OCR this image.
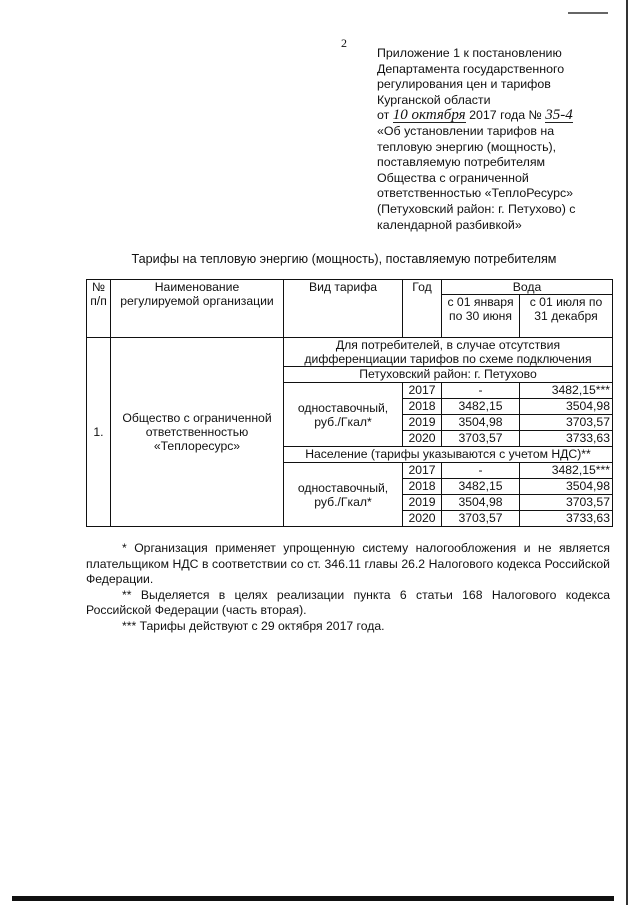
2
Приложение 1 к постановлению
Департамента государственного
регулирования цен и тарифов
Курганской области
от 10 октября 2017 года № 35-4
«Об установлении тарифов на тепловую энергию (мощность), поставляемую потребителям Общества с ограниченной ответственностью «ТеплоРесурс» (Петуховский район: г. Петухово) с календарной разбивкой»
Тарифы на тепловую энергию (мощность), поставляемую потребителям
№ п/п	Наименование регулируемой организации	Вид тарифа	Год	Вода	
				с 01 января по 30 июня	с 01 июля по 31 декабря
1.	Общество с ограниченной ответственностью «Теплоресурс»	Для потребителей, в случае отсутствия дифференциации тарифов по схеме подключения			
		Петуховский район: г. Петухово			
		одноставочный, руб./Гкал*	2017	-	3482,15***
			2018	3482,15	3504,98
			2019	3504,98	3703,57
			2020	3703,57	3733,63
		Население (тарифы указываются с учетом НДС)**			
		одноставочный, руб./Гкал*	2017	-	3482,15***
			2018	3482,15	3504,98
			2019	3504,98	3703,57
			2020	3703,57	3733,63

* Организация применяет упрощенную систему налогообложения и не является плательщиком НДС в соответствии со ст. 346.11 главы 26.2 Налогового кодекса Российской Федерации.

** Выделяется в целях реализации пункта 6 статьи 168 Налогового кодекса Российской Федерации (часть вторая).

*** Тарифы действуют с 29 октября 2017 года.
